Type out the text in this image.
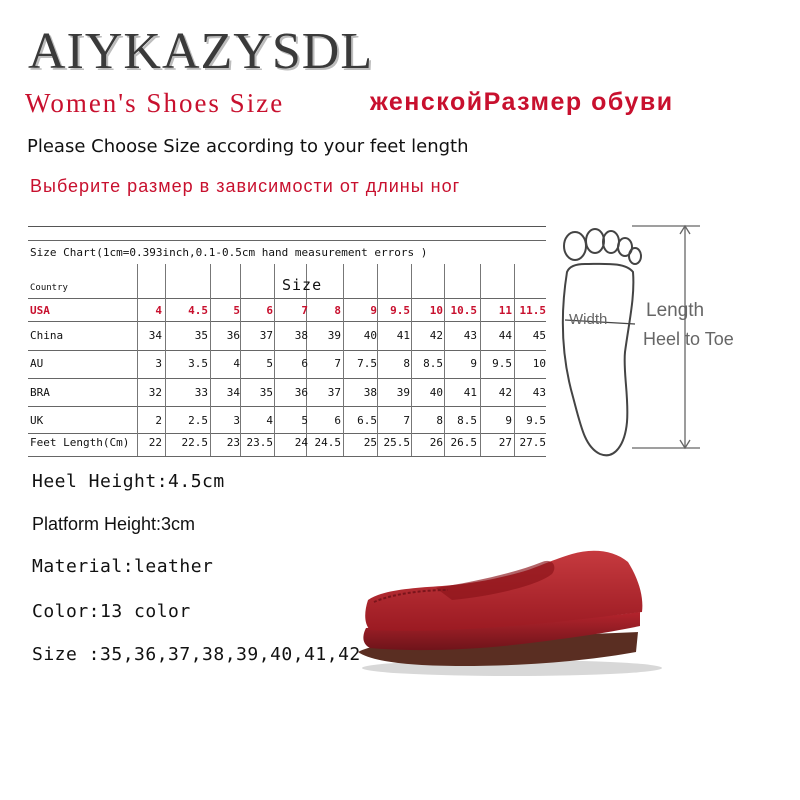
AIYKAZYSDL
Women's Shoes Size	женскойРазмер обуви
Please Choose Size according to your feet length
Выберите размер в зависимости от длины ног
Country	Size
USA	4 4.5 5 6	7 8	9 9.5 10 10.5 11 11.5
China	34	35 36 37 38 39 40 41 42 43 44 45
AU	3 3.5 4 5	6 7 7.5 8 8.5 9 9.5 10
BRA	32	33 34 35 36 37 38 39 40 41 42 43
UK	2 2.5 3 4	5 6 6.5 7 8 8.5	9 9.5
Feet Length(Cm) 22 22.5 23 23.5 24 24.5 25 25.5 26 26.5 27 27.5
Size Chart(1cm=0.393inch,0.1-0.5cm hand measurement errors )
Width Length
Heel to Toe
Heel Height:4.5cm
Platform Height:3cm
Material:leather
Color:13 color
Size :35,36,37,38,39,40,41,42
